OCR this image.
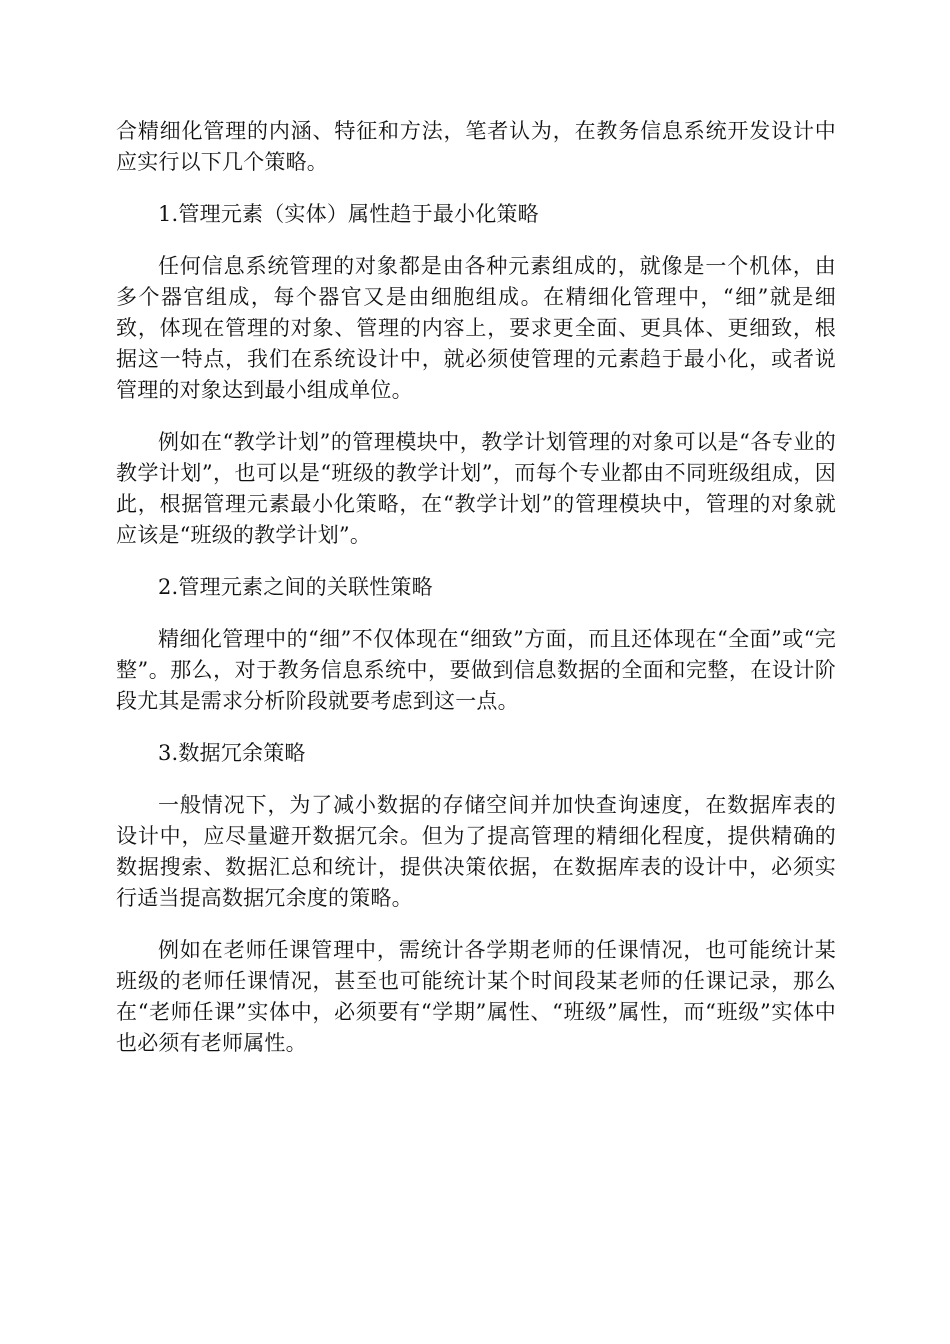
合精细化管理的内涵、特征和方法，笔者认为，在教务信息系统开发设计中应实行以下几个策略。

1.管理元素（实体）属性趋于最小化策略

任何信息系统管理的对象都是由各种元素组成的，就像是一个机体，由多个器官组成，每个器官又是由细胞组成。在精细化管理中，“细”就是细致，体现在管理的对象、管理的内容上，要求更全面、更具体、更细致，根据这一特点，我们在系统设计中，就必须使管理的元素趋于最小化，或者说管理的对象达到最小组成单位。

例如在“教学计划”的管理模块中，教学计划管理的对象可以是“各专业的教学计划”，也可以是“班级的教学计划”，而每个专业都由不同班级组成，因此，根据管理元素最小化策略，在“教学计划”的管理模块中，管理的对象就应该是“班级的教学计划”。

2.管理元素之间的关联性策略

精细化管理中的“细”不仅体现在“细致”方面，而且还体现在“全面”或“完整”。那么，对于教务信息系统中，要做到信息数据的全面和完整，在设计阶段尤其是需求分析阶段就要考虑到这一点。

3.数据冗余策略

一般情况下，为了减小数据的存储空间并加快查询速度，在数据库表的设计中，应尽量避开数据冗余。但为了提高管理的精细化程度，提供精确的数据搜索、数据汇总和统计，提供决策依据，在数据库表的设计中，必须实行适当提高数据冗余度的策略。

例如在老师任课管理中，需统计各学期老师的任课情况，也可能统计某班级的老师任课情况，甚至也可能统计某个时间段某老师的任课记录，那么在“老师任课”实体中，必须要有“学期”属性、“班级”属性，而“班级”实体中也必须有老师属性。
